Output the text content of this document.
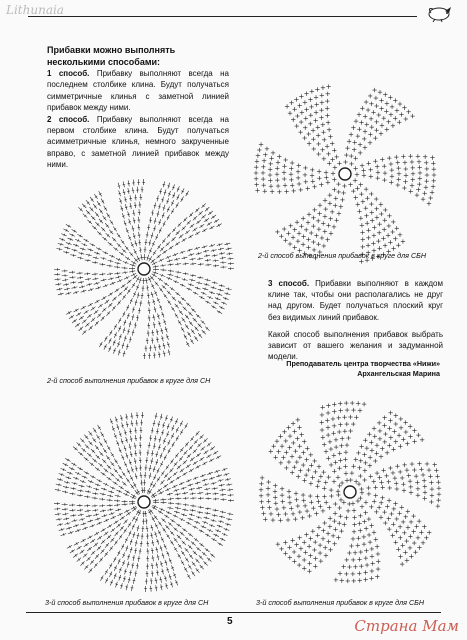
Lithunaia
Прибавки можно выполнять несколькими способами:

1 способ. Прибавку выполняют всегда на последнем столбике клина. Будут получаться симметричные клинья с заметной линией прибавок между ними.

2 способ. Прибавку выполняют всегда на первом столбике клина. Будут получаться асимметричные клинья, немного закрученные вправо, с заметной линией прибавок между ними.

2-й способ выполнения прибавок в круге для СБН
2-й способ выполнения прибавок в круге для СН

3 способ. Прибавки выполняют в каждом клине так, чтобы они располагались не друг над другом. Будет получаться плоский круг без видимых линий прибавок.

Какой способ выполнения прибавок выбрать зависит от вашего желания и задуманной модели.

Преподаватель центра творчества «Нижи»
Архангельская Марина
3-й способ выполнения прибавок в круге для СН	3-й способ выполнения прибавок в круге для СБН
5	Страна Мам
